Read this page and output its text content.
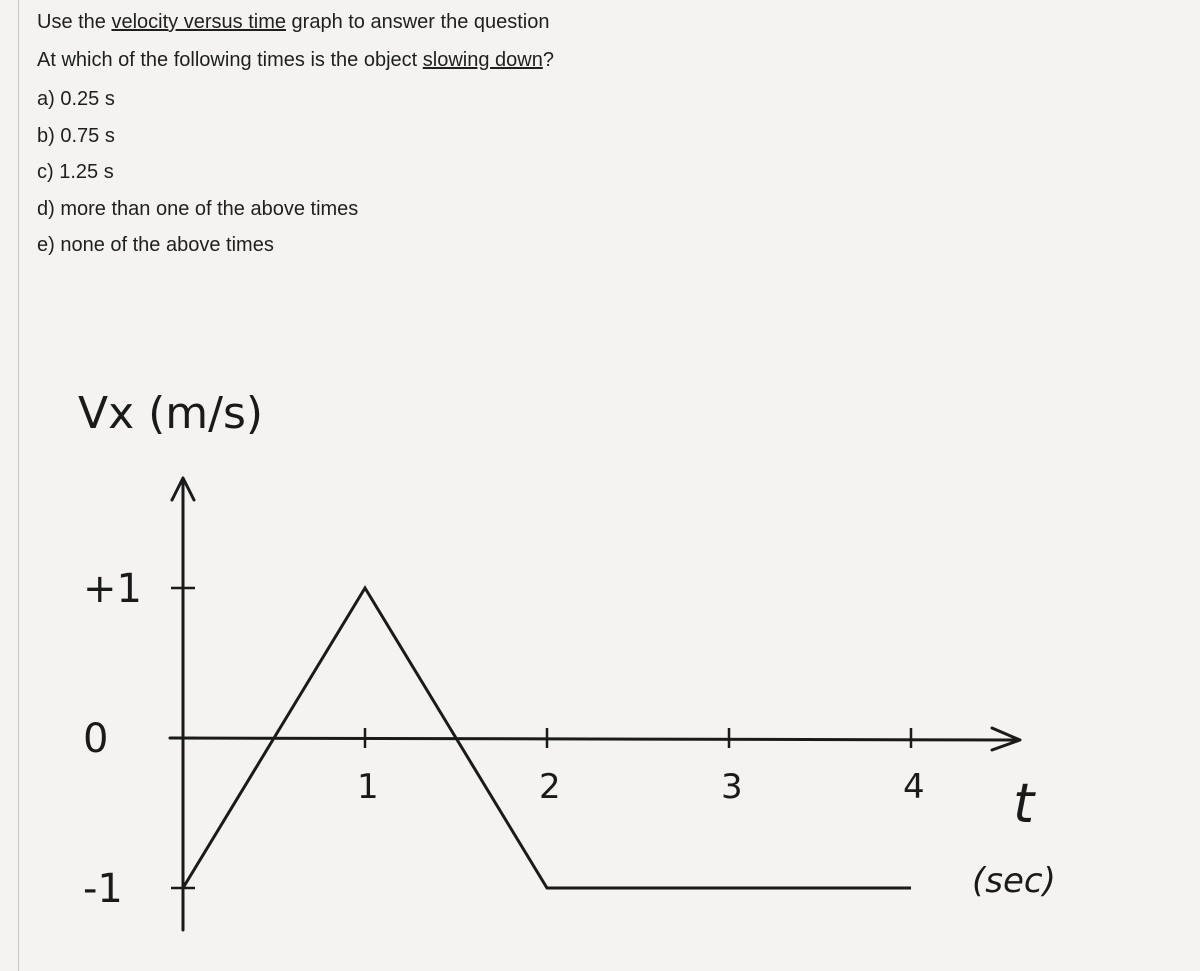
Use the velocity versus time graph to answer the question
At which of the following times is the object slowing down?
a) 0.25 s
b) 0.75 s
c) 1.25 s
d) more than one of the above times
e) none of the above times
1	2	3	4
+1
0
-1
Vx (m/s)
t
(sec)
